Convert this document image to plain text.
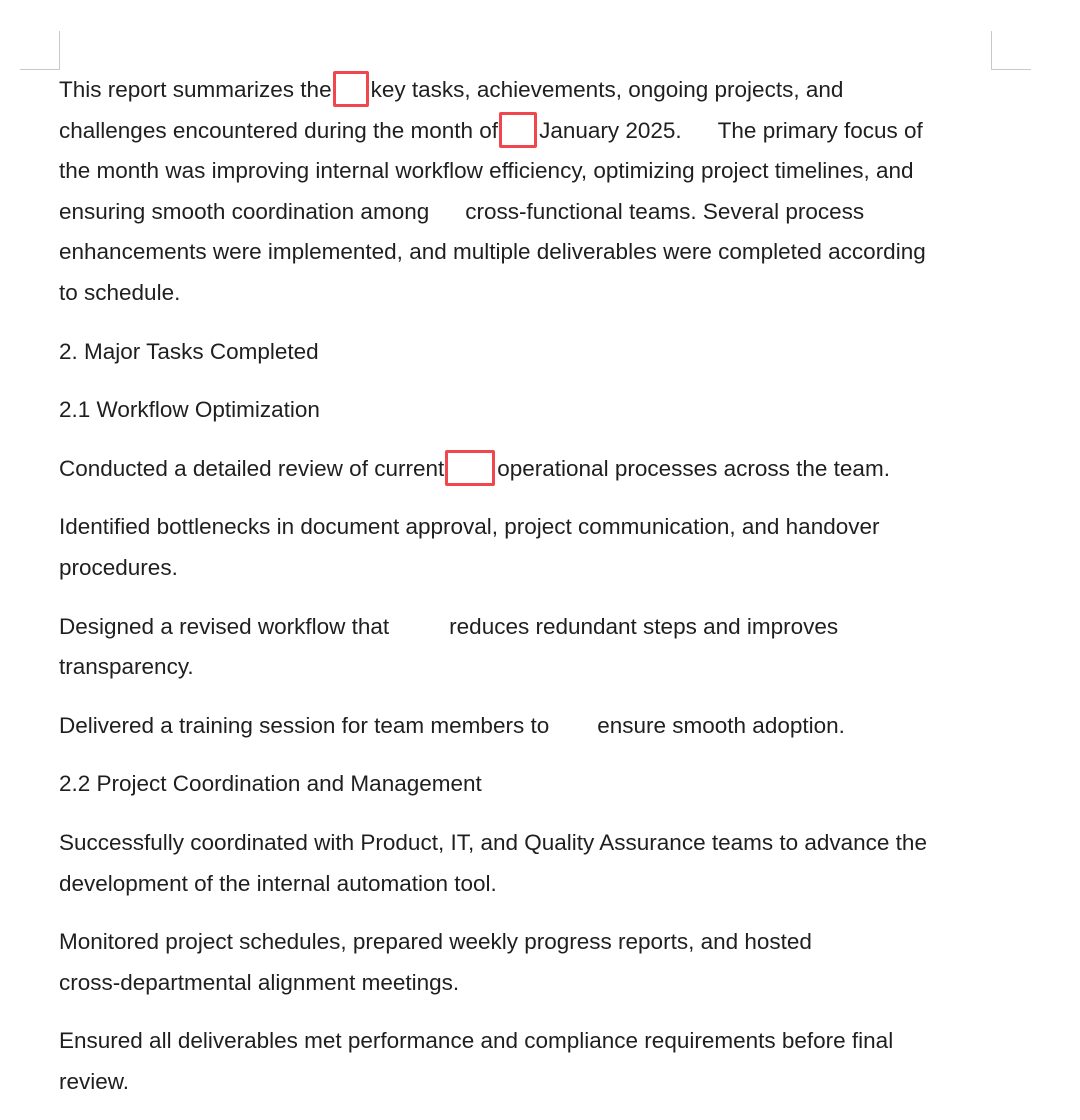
This report summarizes the key tasks, achievements, ongoing projects, and
challenges encountered during the month of January 2025. The primary focus of
the month was improving internal workflow efficiency, optimizing project timelines, and
ensuring smooth coordination among cross-functional teams. Several process
enhancements were implemented, and multiple deliverables were completed according
to schedule.
2. Major Tasks Completed
2.1 Workflow Optimization
Conducted a detailed review of current operational processes across the team.
Identified bottlenecks in document approval, project communication, and handover
procedures.
Designed a revised workflow that	reduces redundant steps and improves
transparency.
Delivered a training session for team members to ensure smooth adoption.
2.2 Project Coordination and Management
Successfully coordinated with Product, IT, and Quality Assurance teams to advance the
development of the internal automation tool.
Monitored project schedules, prepared weekly progress reports, and hosted
cross-departmental alignment meetings.
Ensured all deliverables met performance and compliance requirements before final
review.
